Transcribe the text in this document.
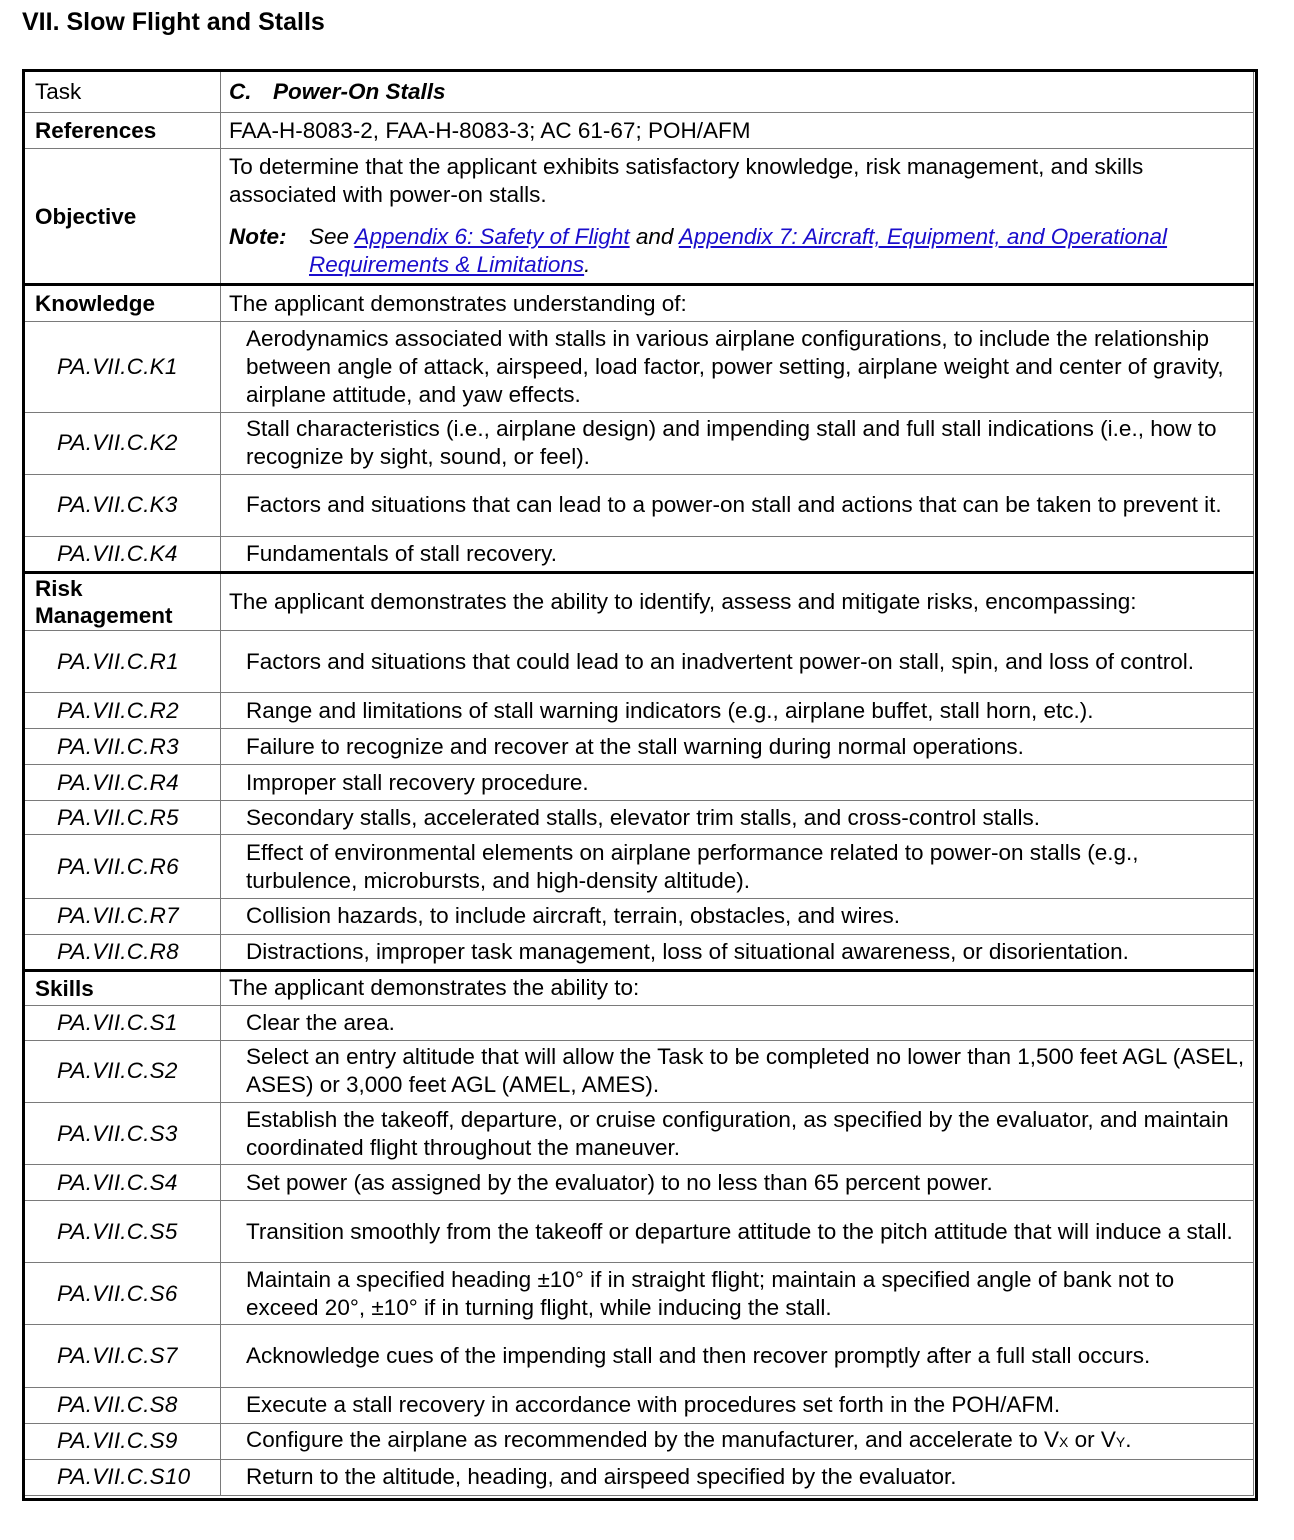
VII. Slow Flight and Stalls
Task	C. Power-On Stalls
References	FAA-H-8083-2, FAA-H-8083-3; AC 61-67; POH/AFM
Objective	To determine that the applicant exhibits satisfactory knowledge, risk management, and skills associated with power-on stalls.

Note: See Appendix 6: Safety of Flight and Appendix 7: Aircraft, Equipment, and Operational Requirements & Limitations.

Knowledge	The applicant demonstrates understanding of:
PA.VII.C.K1	Aerodynamics associated with stalls in various airplane configurations, to include the relationship between angle of attack, airspeed, load factor, power setting, airplane weight and center of gravity, airplane attitude, and yaw effects.
PA.VII.C.K2	Stall characteristics (i.e., airplane design) and impending stall and full stall indications (i.e., how to recognize by sight, sound, or feel).
PA.VII.C.K3	Factors and situations that can lead to a power-on stall and actions that can be taken to prevent it.
PA.VII.C.K4	Fundamentals of stall recovery.
Risk Management	The applicant demonstrates the ability to identify, assess and mitigate risks, encompassing:
PA.VII.C.R1	Factors and situations that could lead to an inadvertent power-on stall, spin, and loss of control.
PA.VII.C.R2	Range and limitations of stall warning indicators (e.g., airplane buffet, stall horn, etc.).
PA.VII.C.R3	Failure to recognize and recover at the stall warning during normal operations.
PA.VII.C.R4	Improper stall recovery procedure.
PA.VII.C.R5	Secondary stalls, accelerated stalls, elevator trim stalls, and cross-control stalls.
PA.VII.C.R6	Effect of environmental elements on airplane performance related to power-on stalls (e.g., turbulence, microbursts, and high-density altitude).
PA.VII.C.R7	Collision hazards, to include aircraft, terrain, obstacles, and wires.
PA.VII.C.R8	Distractions, improper task management, loss of situational awareness, or disorientation.
Skills	The applicant demonstrates the ability to:
PA.VII.C.S1	Clear the area.
PA.VII.C.S2	Select an entry altitude that will allow the Task to be completed no lower than 1,500 feet AGL (ASEL, ASES) or 3,000 feet AGL (AMEL, AMES).
PA.VII.C.S3	Establish the takeoff, departure, or cruise configuration, as specified by the evaluator, and maintain coordinated flight throughout the maneuver.
PA.VII.C.S4	Set power (as assigned by the evaluator) to no less than 65 percent power.
PA.VII.C.S5	Transition smoothly from the takeoff or departure attitude to the pitch attitude that will induce a stall.
PA.VII.C.S6	Maintain a specified heading ±10° if in straight flight; maintain a specified angle of bank not to exceed 20°, ±10° if in turning flight, while inducing the stall.
PA.VII.C.S7	Acknowledge cues of the impending stall and then recover promptly after a full stall occurs.
PA.VII.C.S8	Execute a stall recovery in accordance with procedures set forth in the POH/AFM.
PA.VII.C.S9	Configure the airplane as recommended by the manufacturer, and accelerate to VX or VY.
PA.VII.C.S10	Return to the altitude, heading, and airspeed specified by the evaluator.
